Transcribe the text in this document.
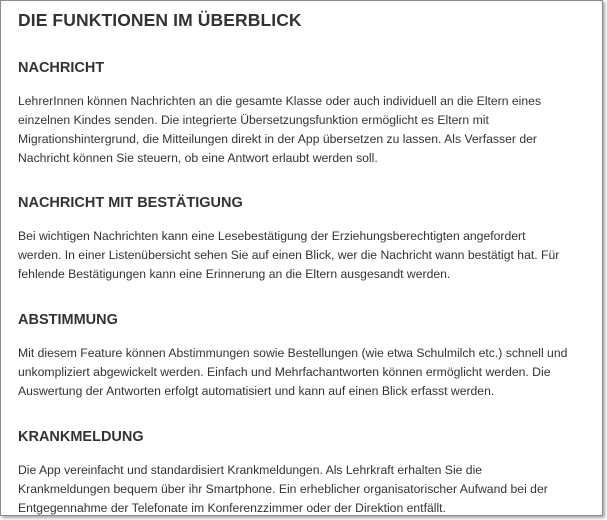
DIE FUNKTIONEN IM ÜBERBLICK
NACHRICHT

LehrerInnen können Nachrichten an die gesamte Klasse oder auch individuell an die Eltern eines
einzelnen Kindes senden. Die integrierte Übersetzungsfunktion ermöglicht es Eltern mit
Migrationshintergrund, die Mitteilungen direkt in der App übersetzen zu lassen. Als Verfasser der
Nachricht können Sie steuern, ob eine Antwort erlaubt werden soll.

NACHRICHT MIT BESTÄTIGUNG

Bei wichtigen Nachrichten kann eine Lesebestätigung der Erziehungsberechtigten angefordert
werden. In einer Listenübersicht sehen Sie auf einen Blick, wer die Nachricht wann bestätigt hat. Für
fehlende Bestätigungen kann eine Erinnerung an die Eltern ausgesandt werden.

ABSTIMMUNG

Mit diesem Feature können Abstimmungen sowie Bestellungen (wie etwa Schulmilch etc.) schnell und
unkompliziert abgewickelt werden. Einfach und Mehrfachantworten können ermöglicht werden. Die
Auswertung der Antworten erfolgt automatisiert und kann auf einen Blick erfasst werden.

KRANKMELDUNG

Die App vereinfacht und standardisiert Krankmeldungen. Als Lehrkraft erhalten Sie die
Krankmeldungen bequem über ihr Smartphone. Ein erheblicher organisatorischer Aufwand bei der
Entgegennahme der Telefonate im Konferenzzimmer oder der Direktion entfällt.
